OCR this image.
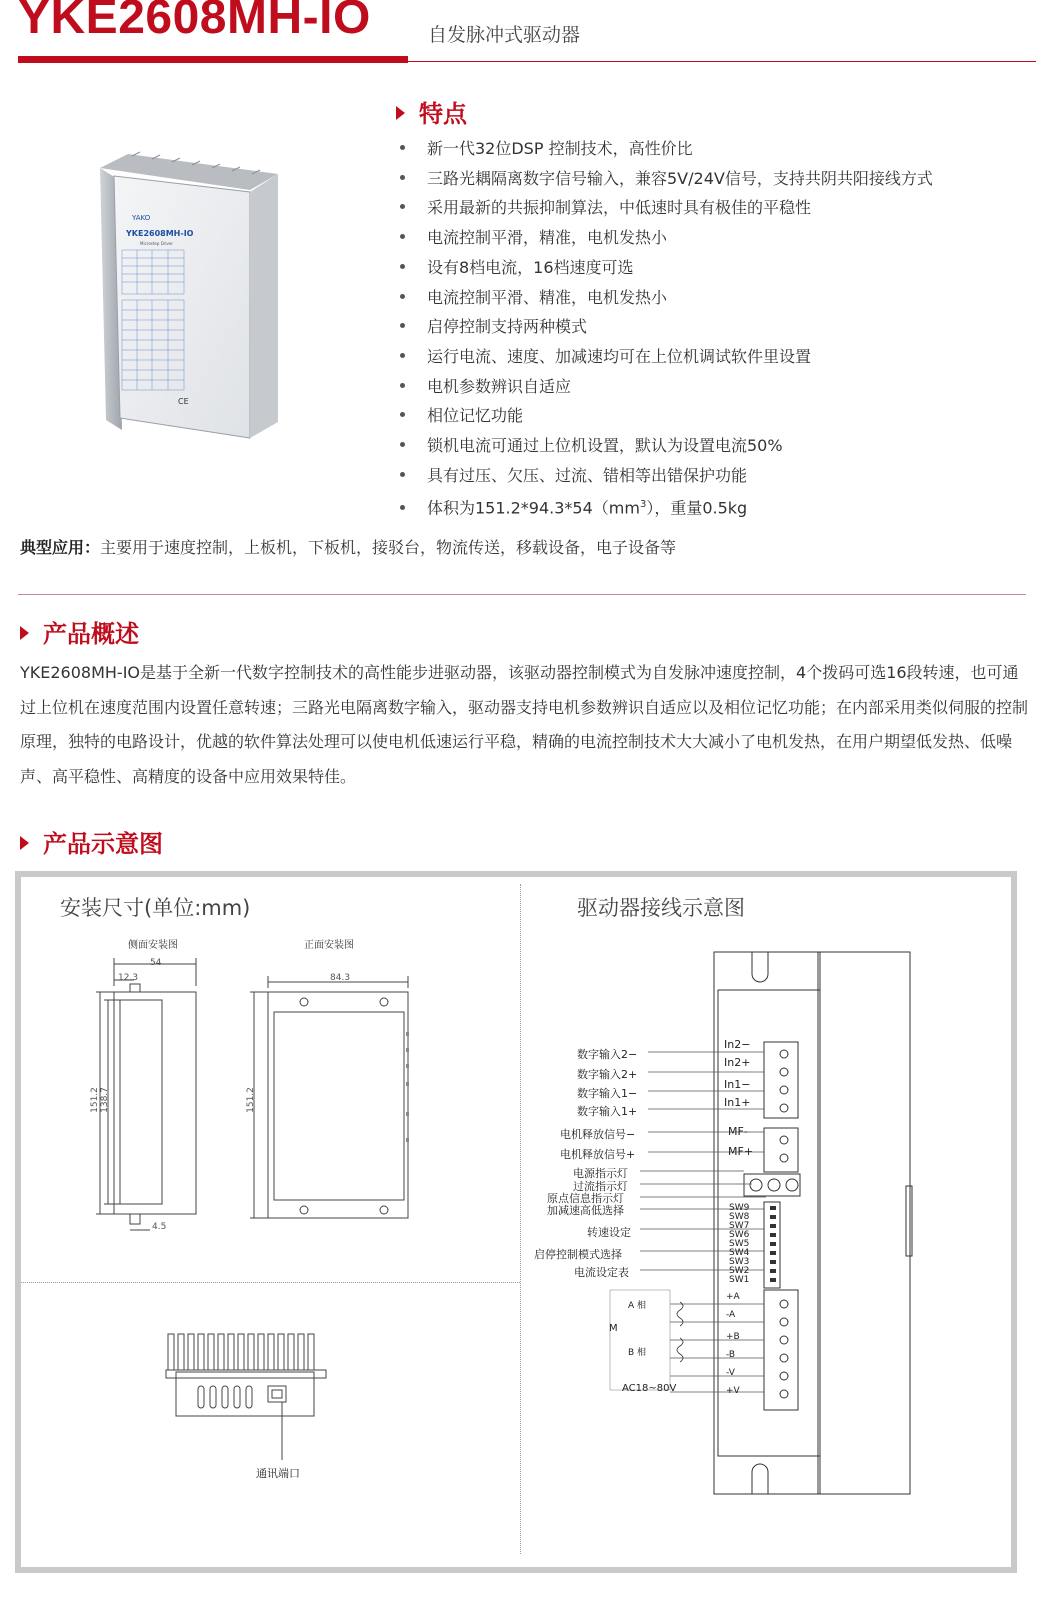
YKE2608MH-IO	自发脉冲式驱动器
YAKO
YKE2608MH-IO
Microstep Driver
CE
特点
新一代32位DSP 控制技术，高性价比
三路光耦隔离数字信号输入，兼容5V/24V信号，支持共阴共阳接线方式
采用最新的共振抑制算法，中低速时具有极佳的平稳性
电流控制平滑，精准，电机发热小
设有8档电流，16档速度可选
电流控制平滑、精准，电机发热小
启停控制支持两种模式
运行电流、速度、加减速均可在上位机调试软件里设置
电机参数辨识自适应
相位记忆功能
锁机电流可通过上位机设置，默认为设置电流50%
具有过压、欠压、过流、错相等出错保护功能
体积为$151.2*94.3*54(mm^3)$，重量0.5kg
典型应用：主要用于速度控制，上板机，下板机，接驳台，物流传送，移载设备，电子设备等
产品概述
YKE2608MH-IO是基于全新一代数字控制技术的高性能步进驱动器，该驱动器控制模式为自发脉冲速度控制，4个拨码可选16段转速，也可通过上位机在速度范围内设置任意转速；三路光电隔离数字输入，驱动器支持电机参数辨识自适应以及相位记忆功能；在内部采用类似伺服的控制原理，独特的电路设计，优越的软件算法处理可以使电机低速运行平稳，精确的电流控制技术大大减小了电机发热，在用户期望低发热、低噪声、高平稳性、高精度的设备中应用效果特佳。
产品示意图
安装尺寸(单位:mm)	驱动器接线示意图
侧面安装图	正面安装图
54
12.3
151.2 138.7
4.5
84.3
151.2
通讯端口
数字输入2−
数字输入2+
数字输入1−
数字输入1+
电机释放信号−
电机释放信号+
电源指示灯
过流指示灯
原点信息指示灯
加减速高低选择
转速设定
启停控制模式选择
电流设定表
In2−
In2+
In1−
In1+
MF-
MF+
SW9
SW8
SW7
SW6
SW5
SW4
SW3
SW2
SW1
+A
-A
+B
-B
-V
+V
M
A 相
B 相
AC18~80V
